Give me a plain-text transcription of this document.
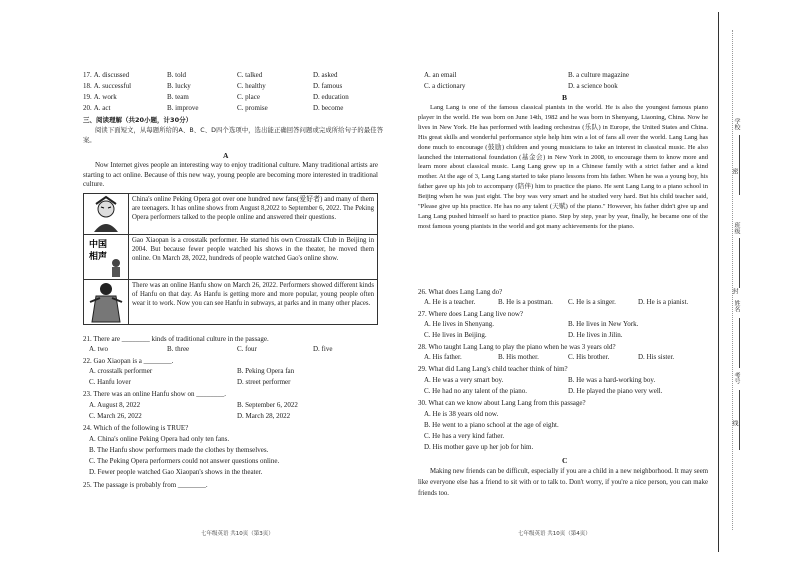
17. A. discussed	B. told	C. talked	D. asked
18. A. successful	B. lucky	C. healthy	D. famous
19. A. work	B. team	C. place	D. education
20. A. act	B. improve	C. promise	D. become
三、阅读理解（共20小题，计30分）
阅读下面短文，从每题所给的A、B、C、D四个选项中，选出能正确回答问题或完成所给句子的最佳答案。
A
Now Internet gives people an interesting way to enjoy traditional culture. Many traditional artists are starting to act online. Because of this new way, young people are becoming more interested in traditional culture.
China's online Peking Opera got over one hundred new fans(爱好者) and many of them are teenagers. It has online shows from August 8,2022 to September 6, 2022. The Peking Opera performers talked to the people online and answered their questions.
中国
相声
Gao Xiaopan is a crosstalk performer. He started his own Crosstalk Club in Beijing in 2004. But because fewer people watched his shows in the theater, he moved them online. On March 28, 2022, hundreds of people watched Gao's online show.
There was an online Hanfu show on March 26, 2022. Performers showed different kinds of Hanfu on that day. As Hanfu is getting more and more popular, young people often wear it to work. Now you can see Hanfu in subways, at parks and in many other places.
21. There are ________ kinds of traditional culture in the passage.
A. two	B. three	C. four	D. five
22. Gao Xiaopan is a ________.
A. crosstalk performer	B. Peking Opera fan
C. Hanfu lover	D. street performer
23. There was an online Hanfu show on ________.
A. August 8, 2022	B. September 6, 2022
C. March 26, 2022	D. March 28, 2022
24. Which of the following is TRUE?
A. China's online Peking Opera had only ten fans.
B. The Hanfu show performers made the clothes by themselves.
C. The Peking Opera performers could not answer questions online.
D. Fewer people watched Gao Xiaopan's shows in the theater.
25. The passage is probably from ________.
七年级英语 共10页（第3页）
A. an email	B. a culture magazine
C. a dictionary	D. a science book
B
Lang Lang is one of the famous classical pianists in the world. He is also the youngest famous piano player in the world. He was born on June 14th, 1982 and he was born in Shenyang, Liaoning, China. Now he lives in New York. He has performed with leading orchestras (乐队) in Europe, the United States and China. His great skills and wonderful performance style help him win a lot of fans all over the world. Lang Lang has done much to encourage (鼓励) children and young musicians to take an interest in classical music. He also launched the international foundation (基金会) in New York in 2008, to encourage them to know more and learn more about classical music. Lang Lang grew up in a Chinese family with a strict father and a kind mother. At the age of 3, Lang Lang started to take piano lessons from his father. When he was a young boy, his father gave up his job to accompany (陪伴) him to practice the piano. He sent Lang Lang to a piano school in Beijing when he was just eight. The boy was very smart and he studied very hard. But his child teacher said, "Please give up his practice. He has no any talent (天赋) of the piano." However, his father didn't give up and Lang Lang pushed himself so hard to practice piano. Step by step, year by year, finally, he became one of the most famous young pianists in the world and got many achievements for the piano.
26. What does Lang Lang do?
A. He is a teacher.	B. He is a postman. C. He is a singer.	D. He is a pianist.
27. Where does Lang Lang live now?
A. He lives in Shenyang.	B. He lives in New York.
C. He lives in Beijing.	D. He lives in Jilin.
28. Who taught Lang Lang to play the piano when he was 3 years old?
A. His father.	B. His mother.	C. His brother.	D. His sister.
29. What did Lang Lang's child teacher think of him?
A. He was a very smart boy.	B. He was a hard-working boy.
C. He had no any talent of the piano.	D. He played the piano very well.
30. What can we know about Lang Lang from this passage?
A. He is 38 years old now.
B. He went to a piano school at the age of eight.
C. He has a very kind father.
D. His mother gave up her job for him.
C
Making new friends can be difficult, especially if you are a child in a new neighborhood. It may seem like everyone else has a friend to sit with or to talk to. Don't worry, if you're a nice person, you can make friends too.
七年级英语 共10页（第4页）
密
封
线
学校
班级
姓名
考号
